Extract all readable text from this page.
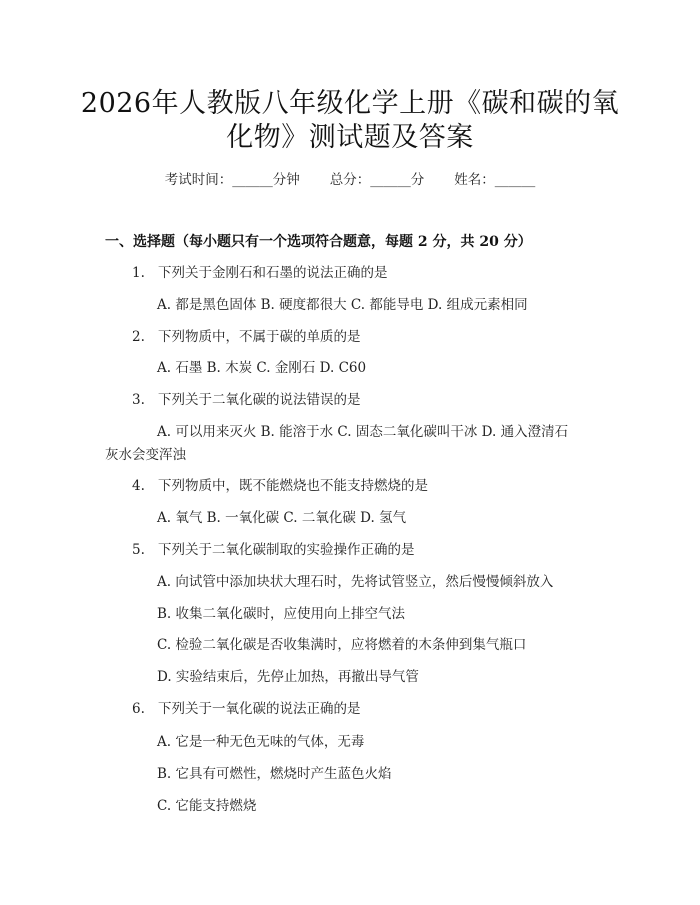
2026年人教版八年级化学上册《碳和碳的氧
化物》测试题及答案
考试时间：______分钟 总分：______分 姓名：______
一、选择题（每小题只有一个选项符合题意，每题 2 分，共 20 分）
1. 下列关于金刚石和石墨的说法正确的是
A. 都是黑色固体 B. 硬度都很大 C. 都能导电 D. 组成元素相同
2. 下列物质中，不属于碳的单质的是
A. 石墨 B. 木炭 C. 金刚石 D. C60
3. 下列关于二氧化碳的说法错误的是
A. 可以用来灭火 B. 能溶于水 C. 固态二氧化碳叫干冰 D. 通入澄清石
灰水会变浑浊
4. 下列物质中，既不能燃烧也不能支持燃烧的是
A. 氧气 B. 一氧化碳 C. 二氧化碳 D. 氢气
5. 下列关于二氧化碳制取的实验操作正确的是
A. 向试管中添加块状大理石时，先将试管竖立，然后慢慢倾斜放入
B. 收集二氧化碳时，应使用向上排空气法
C. 检验二氧化碳是否收集满时，应将燃着的木条伸到集气瓶口
D. 实验结束后，先停止加热，再撤出导气管
6. 下列关于一氧化碳的说法正确的是
A. 它是一种无色无味的气体，无毒
B. 它具有可燃性，燃烧时产生蓝色火焰
C. 它能支持燃烧
